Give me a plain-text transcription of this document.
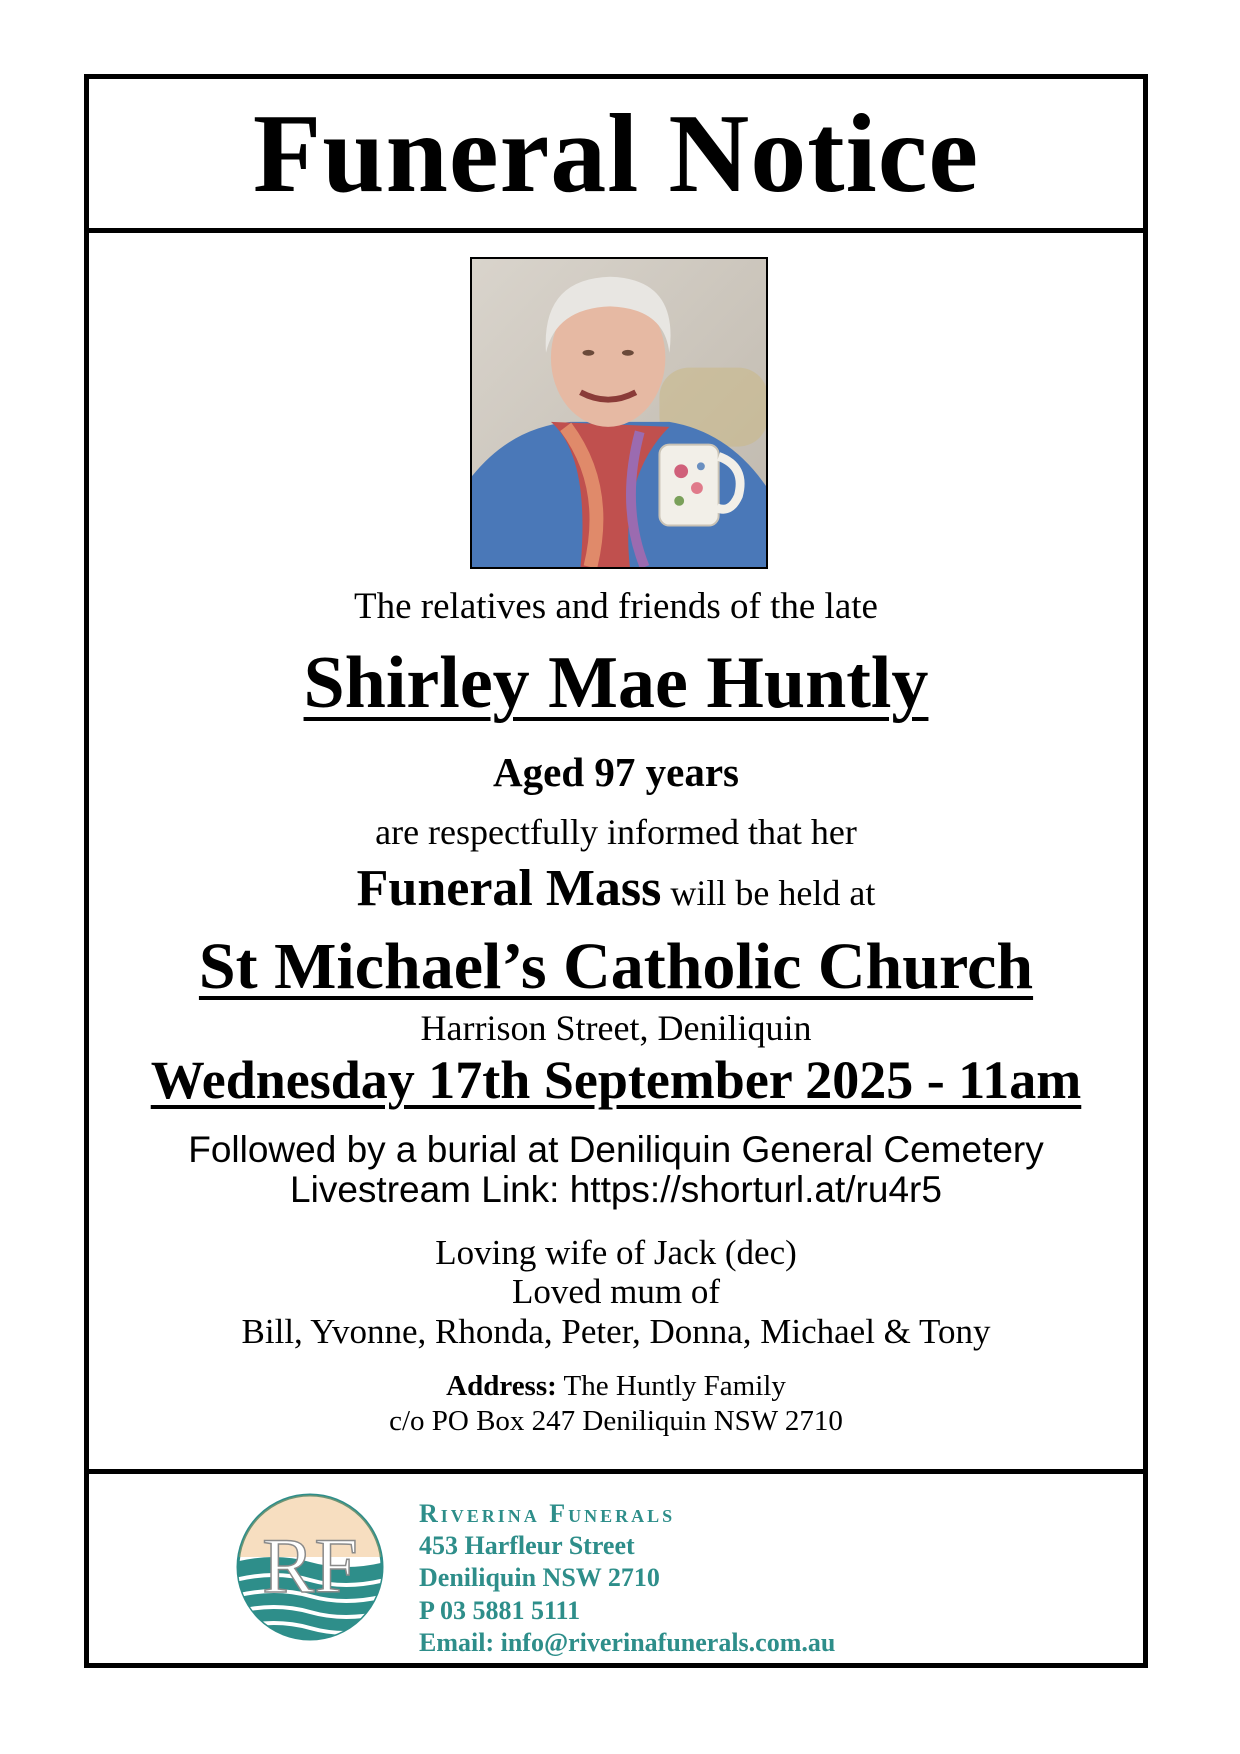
Funeral Notice
The relatives and friends of the late
Shirley Mae Huntly
Aged 97 years
are respectfully informed that her
Funeral Mass will be held at
St Michael’s Catholic Church
Harrison Street, Deniliquin
Wednesday 17th September 2025 - 11am
Followed by a burial at Deniliquin General Cemetery
Livestream Link: https://shorturl.at/ru4r5
Loving wife of Jack (dec)
Loved mum of
Bill, Yvonne, Rhonda, Peter, Donna, Michael & Tony
Address: The Huntly Family
c/o PO Box 247 Deniliquin NSW 2710
RF
Riverina Funerals
453 Harfleur Street
Deniliquin NSW 2710
P 03 5881 5111
Email: info@riverinafunerals.com.au
